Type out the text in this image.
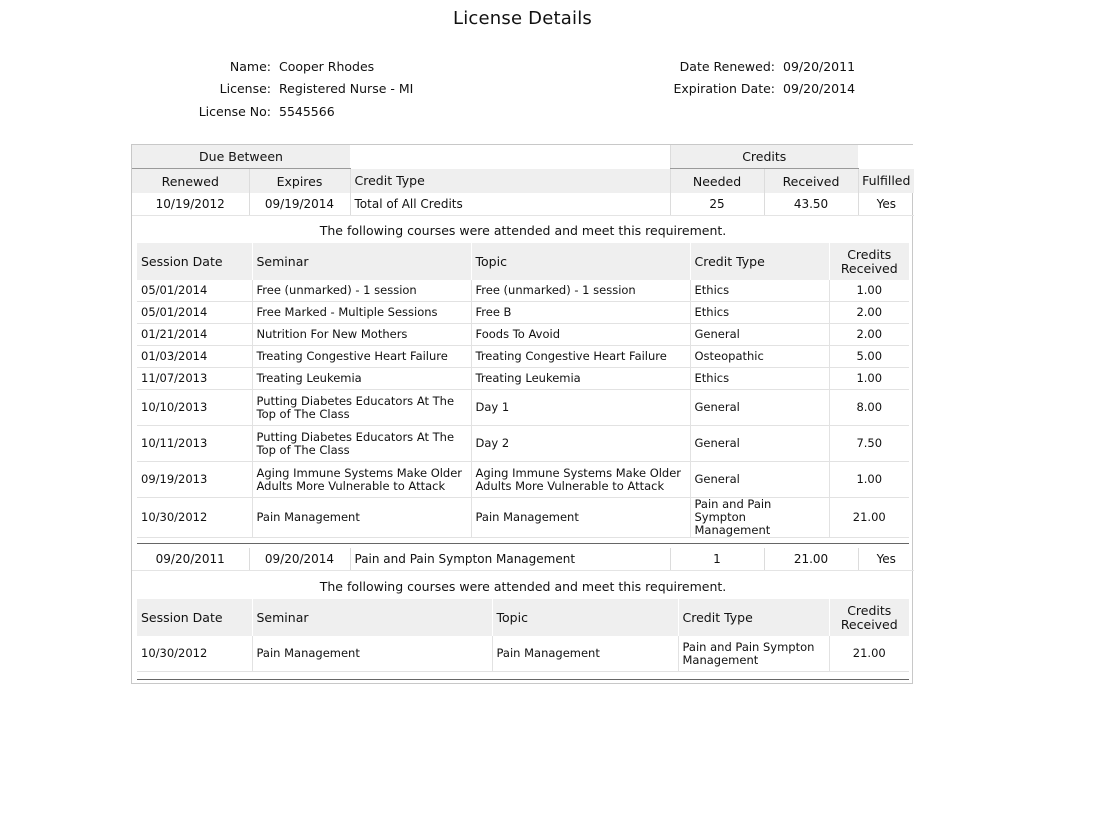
License Details
Name: Cooper Rhodes
License: Registered Nurse - MI
License No: 5545566
Date Renewed: 09/20/2011
Expiration Date: 09/20/2014
Due Between			Credits		
Renewed	Expires	Credit Type	Needed	Received	Fulfilled
10/19/2012	09/19/2014	Total of All Credits	25	43.50	Yes
The following courses were attended and meet this requirement.
Session Date	Seminar	Topic	Credit Type	Credits
Received
05/01/2014	Free (unmarked) - 1 session	Free (unmarked) - 1 session	Ethics	1.00
05/01/2014	Free Marked - Multiple Sessions	Free B	Ethics	2.00
01/21/2014	Nutrition For New Mothers	Foods To Avoid	General	2.00
01/03/2014	Treating Congestive Heart Failure	Treating Congestive Heart Failure	Osteopathic	5.00
11/07/2013	Treating Leukemia	Treating Leukemia	Ethics	1.00
10/10/2013	Putting Diabetes Educators At The Top of The Class	Day 1	General	8.00
10/11/2013	Putting Diabetes Educators At The Top of The Class	Day 2	General	7.50
09/19/2013	Aging Immune Systems Make Older Adults More Vulnerable to Attack	Aging Immune Systems Make Older Adults More Vulnerable to Attack	General	1.00
10/30/2012	Pain Management	Pain Management	Pain and Pain Sympton Management	21.00
09/20/2011	09/20/2014	Pain and Pain Sympton Management	1	21.00	Yes
The following courses were attended and meet this requirement.
Session Date	Seminar	Topic	Credit Type	Credits
Received
10/30/2012	Pain Management	Pain Management	Pain and Pain Sympton Management	21.00
